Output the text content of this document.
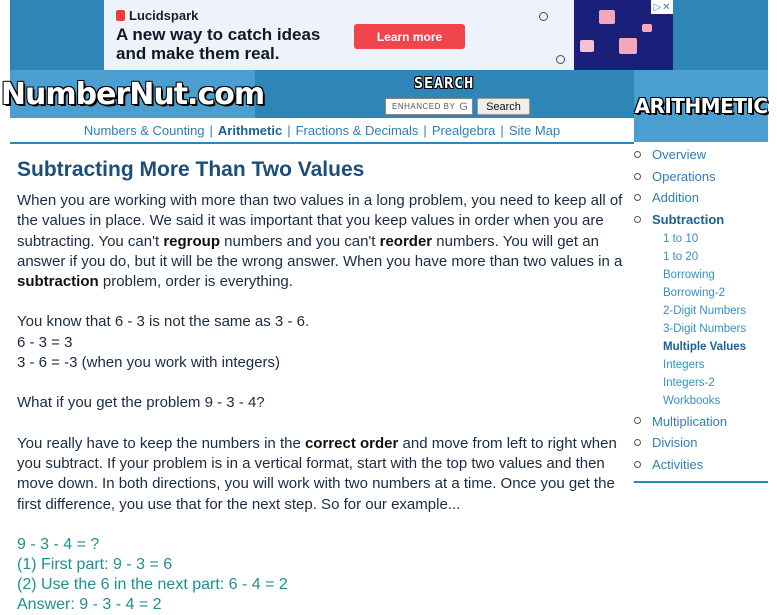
Lucidspark
A new way to catch ideas and make them real.
Learn more
▷ ✕
NumberNut.com	SEARCH
ENHANCED BY G	Search	ARITHMETIC
Numbers & Counting | Arithmetic | Fractions & Decimals | Prealgebra | Site Map
Subtracting More Than Two Values

When you are working with more than two values in a long problem, you need to keep all of the values in place. We said it was important that you keep values in order when you are subtracting. You can't regroup numbers and you can't reorder numbers. You will get an answer if you do, but it will be the wrong answer. When you have more than two values in a subtraction problem, order is everything.

You know that 6 - 3 is not the same as 3 - 6.
6 - 3 = 3
3 - 6 = -3 (when you work with integers)

What if you get the problem 9 - 3 - 4?

You really have to keep the numbers in the correct order and move from left to right when you subtract. If your problem is in a vertical format, start with the top two values and then move down. In both directions, you will work with two numbers at a time. Once you get the first difference, you use that for the next step. So for our example...

9 - 3 - 4 = ?
(1) First part: 9 - 3 = 6
(2) Use the 6 in the next part: 6 - 4 = 2
Answer: 9 - 3 - 4 = 2
Overview
Operations
Addition
Subtraction
1 to 10
1 to 20
Borrowing
Borrowing-2
2-Digit Numbers
3-Digit Numbers
Multiple Values
Integers
Integers-2
Workbooks
Multiplication
Division
Activities
